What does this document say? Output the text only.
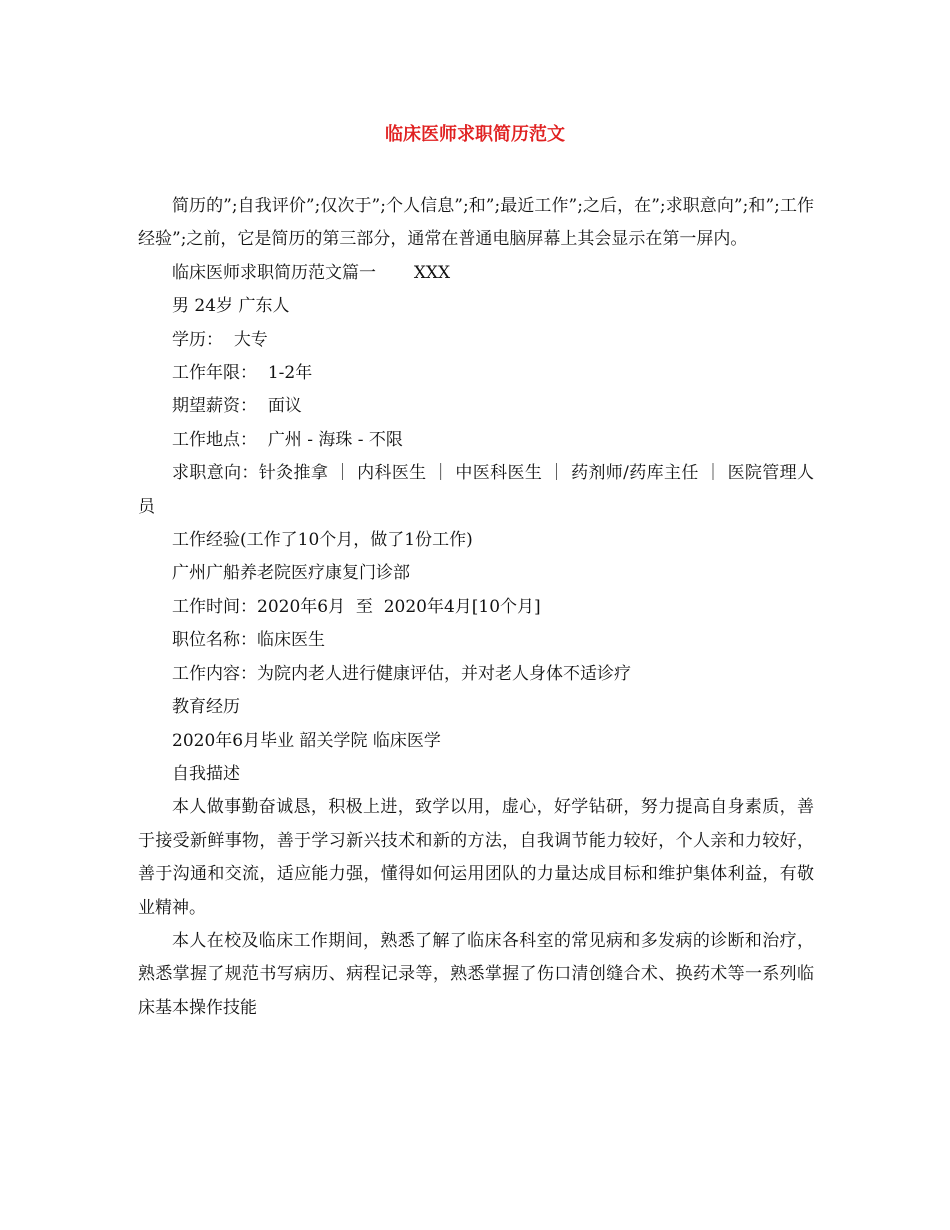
临床医师求职简历范文

简历的”;自我评价”;仅次于”;个人信息”;和”;最近工作”;之后，在”;求职意向”;和”;工作经验”;之前，它是简历的第三部分，通常在普通电脑屏幕上其会显示在第一屏内。

临床医师求职简历范文篇一 XXX

男 24岁 广东人

学历： 大专

工作年限： 1-2年

期望薪资： 面议

工作地点： 广州 - 海珠 - 不限

求职意向：针灸推拿 ｜ 内科医生 ｜ 中医科医生 ｜ 药剂师/药库主任 ｜ 医院管理人员

工作经验(工作了10个月，做了1份工作)

广州广船养老院医疗康复门诊部

工作时间：2020年6月  至  2020年4月[10个月]

职位名称：临床医生

工作内容：为院内老人进行健康评估，并对老人身体不适诊疗

教育经历

2020年6月毕业 韶关学院 临床医学

自我描述

本人做事勤奋诚恳，积极上进，致学以用，虚心，好学钻研，努力提高自身素质，善于接受新鲜事物，善于学习新兴技术和新的方法，自我调节能力较好，个人亲和力较好，善于沟通和交流，适应能力强，懂得如何运用团队的力量达成目标和维护集体利益，有敬业精神。

本人在校及临床工作期间，熟悉了解了临床各科室的常见病和多发病的诊断和治疗，熟悉掌握了规范书写病历、病程记录等，熟悉掌握了伤口清创缝合术、换药术等一系列临床基本操作技能
